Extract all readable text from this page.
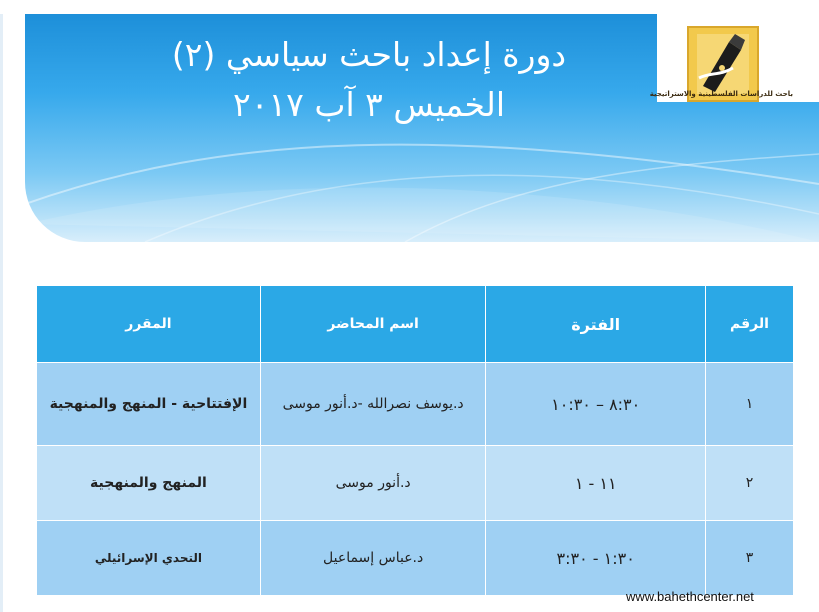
دورة إعداد باحث سياسي (٢)
الخميس ٣ آب ٢٠١٧	باحث للدراسات الفلسطينية والاستراتيجية
الرقم	الفترة	اسم المحاضر	المقرر
١	٨:٣٠ – ١٠:٣٠	د.يوسف نصرالله -د.أنور موسى	الإفتتاحية - المنهج والمنهجية
٢	١١ - ١	د.أنور موسى	المنهج والمنهجية
٣	١:٣٠ - ٣:٣٠	د.عباس إسماعيل	التحدي الإسرائيلي
www.bahethcenter.net
